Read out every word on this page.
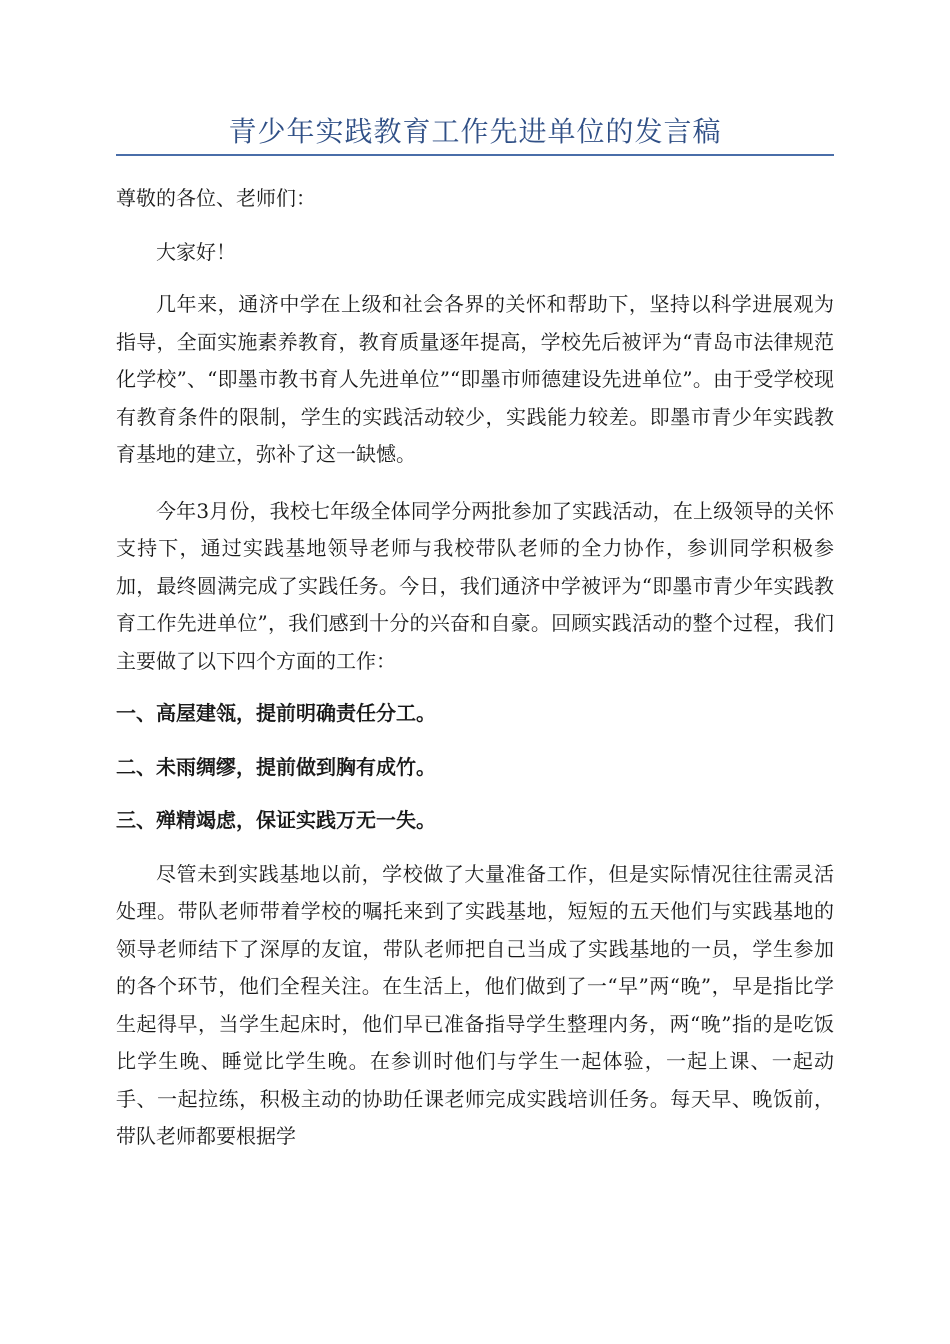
青少年实践教育工作先进单位的发言稿

尊敬的各位、老师们：

大家好！

几年来，通济中学在上级和社会各界的关怀和帮助下，坚持以科学进展观为指导，全面实施素养教育，教育质量逐年提高，学校先后被评为“青岛市法律规范化学校”、“即墨市教书育人先进单位”“即墨市师德建设先进单位”。由于受学校现有教育条件的限制，学生的实践活动较少，实践能力较差。即墨市青少年实践教育基地的建立，弥补了这一缺憾。

今年3月份，我校七年级全体同学分两批参加了实践活动，在上级领导的关怀支持下，通过实践基地领导老师与我校带队老师的全力协作，参训同学积极参加，最终圆满完成了实践任务。今日，我们通济中学被评为“即墨市青少年实践教育工作先进单位”，我们感到十分的兴奋和自豪。回顾实践活动的整个过程，我们主要做了以下四个方面的工作：

一、高屋建瓴，提前明确责任分工。

二、未雨绸缪，提前做到胸有成竹。

三、殚精竭虑，保证实践万无一失。

尽管未到实践基地以前，学校做了大量准备工作，但是实际情况往往需灵活处理。带队老师带着学校的嘱托来到了实践基地，短短的五天他们与实践基地的领导老师结下了深厚的友谊，带队老师把自己当成了实践基地的一员，学生参加的各个环节，他们全程关注。在生活上，他们做到了一“早”两“晚”，早是指比学生起得早，当学生起床时，他们早已准备指导学生整理内务，两“晚”指的是吃饭比学生晚、睡觉比学生晚。在参训时他们与学生一起体验，一起上课、一起动手、一起拉练，积极主动的协助任课老师完成实践培训任务。每天早、晚饭前，带队老师都要根据学
